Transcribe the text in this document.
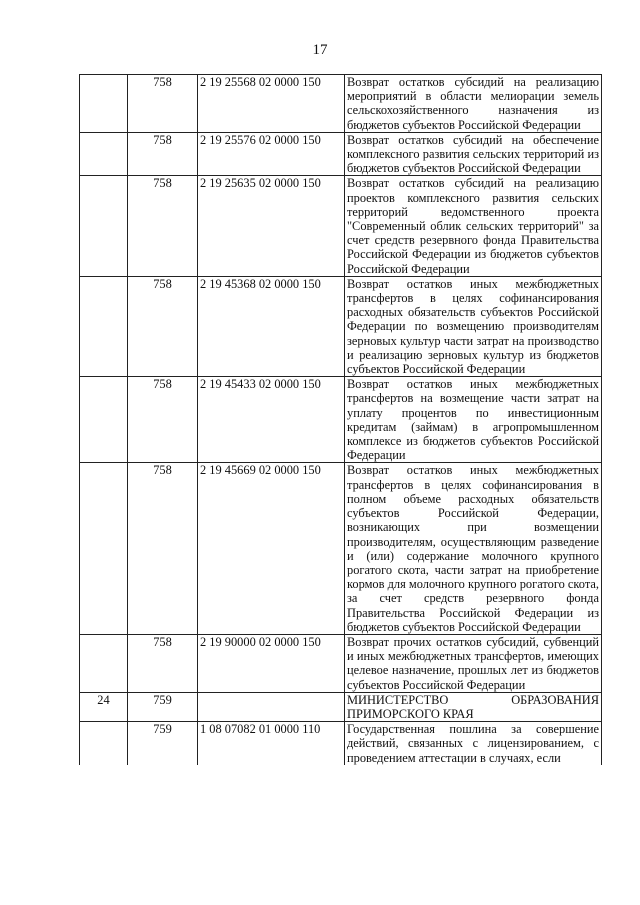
17
	758	2 19 25568 02 0000 150	Возврат остатков субсидий на реализацию мероприятий в области мелиорации земель сельскохозяйственного назначения из бюджетов субъектов Российской Федерации
	758	2 19 25576 02 0000 150	Возврат остатков субсидий на обеспечение комплексного развития сельских территорий из бюджетов субъектов Российской Федерации
	758	2 19 25635 02 0000 150	Возврат остатков субсидий на реализацию проектов комплексного развития сельских территорий ведомственного проекта "Современный облик сельских территорий" за счет средств резервного фонда Правительства Российской Федерации из бюджетов субъектов Российской Федерации
	758	2 19 45368 02 0000 150	Возврат остатков иных межбюджетных трансфертов в целях софинансирования расходных обязательств субъектов Российской Федерации по возмещению производителям зерновых культур части затрат на производство и реализацию зерновых культур из бюджетов субъектов Российской Федерации
	758	2 19 45433 02 0000 150	Возврат остатков иных межбюджетных трансфертов на возмещение части затрат на уплату процентов по инвестиционным кредитам (займам) в агропромышленном комплексе из бюджетов субъектов Российской Федерации
	758	2 19 45669 02 0000 150	Возврат остатков иных межбюджетных трансфертов в целях софинансирования в полном объеме расходных обязательств субъектов Российской Федерации, возникающих при возмещении производителям, осуществляющим разведение и (или) содержание молочного крупного рогатого скота, части затрат на приобретение кормов для молочного крупного рогатого скота, за счет средств резервного фонда Правительства Российской Федерации из бюджетов субъектов Российской Федерации
	758	2 19 90000 02 0000 150	Возврат прочих остатков субсидий, субвенций и иных межбюджетных трансфертов, имеющих целевое назначение, прошлых лет из бюджетов субъектов Российской Федерации
24	759		МИНИСТЕРСТВО ОБРАЗОВАНИЯ ПРИМОРСКОГО КРАЯ
	759	1 08 07082 01 0000 110	Государственная пошлина за совершение действий, связанных с лицензированием, с проведением аттестации в случаях, если
